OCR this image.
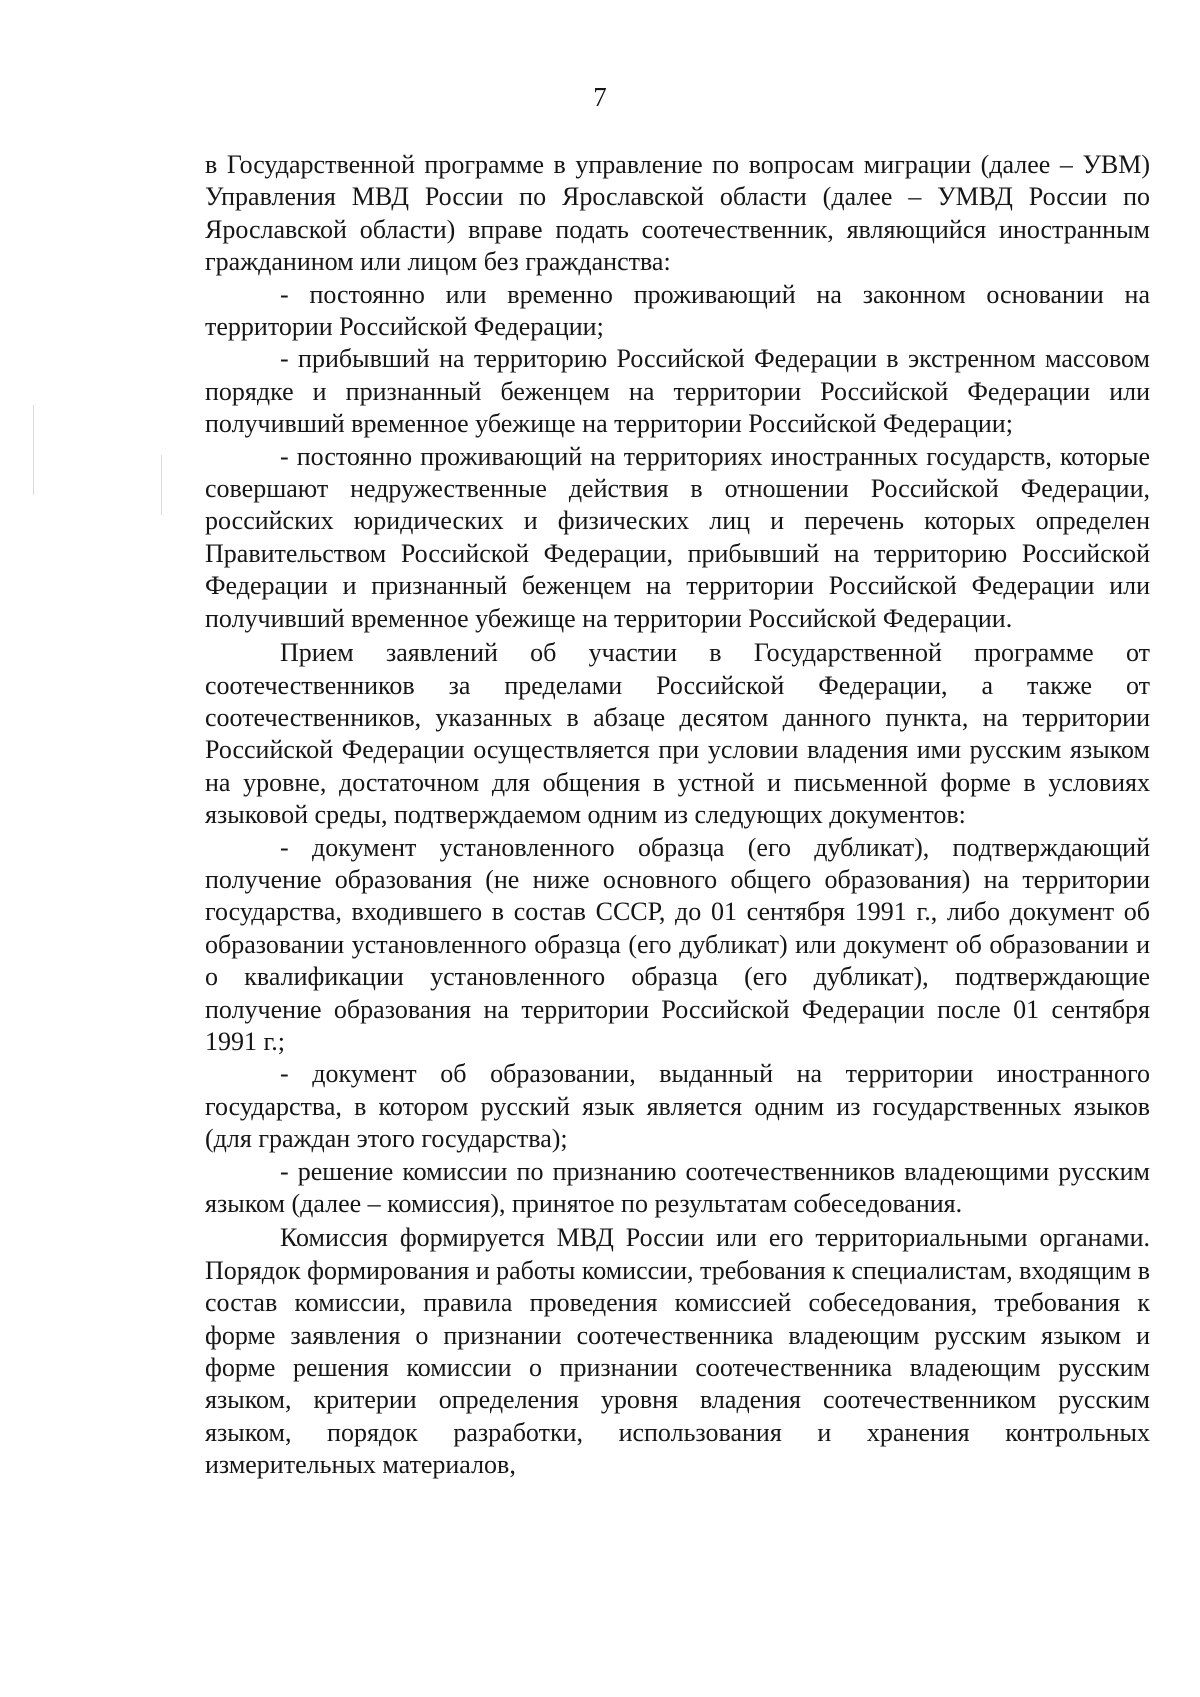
7

в Государственной программе в управление по вопросам миграции (далее – УВМ) Управления МВД России по Ярославской области (далее – УМВД России по Ярославской области) вправе подать соотечественник, являющийся иностранным гражданином или лицом без гражданства:

- постоянно или временно проживающий на законном основании на территории Российской Федерации;

- прибывший на территорию Российской Федерации в экстренном массовом порядке и признанный беженцем на территории Российской Федерации или получивший временное убежище на территории Российской Федерации;

- постоянно проживающий на территориях иностранных государств, которые совершают недружественные действия в отношении Российской Федерации, российских юридических и физических лиц и перечень которых определен Правительством Российской Федерации, прибывший на территорию Российской Федерации и признанный беженцем на территории Российской Федерации или получивший временное убежище на территории Российской Федерации.

Прием заявлений об участии в Государственной программе от соотечественников за пределами Российской Федерации, а также от соотечественников, указанных в абзаце десятом данного пункта, на территории Российской Федерации осуществляется при условии владения ими русским языком на уровне, достаточном для общения в устной и письменной форме в условиях языковой среды, подтверждаемом одним из следующих документов:

- документ установленного образца (его дубликат), подтверждающий получение образования (не ниже основного общего образования) на территории государства, входившего в состав СССР, до 01 сентября 1991 г., либо документ об образовании установленного образца (его дубликат) или документ об образовании и о квалификации установленного образца (его дубликат), подтверждающие получение образования на территории Российской Федерации после 01 сентября 1991 г.;

- документ об образовании, выданный на территории иностранного государства, в котором русский язык является одним из государственных языков (для граждан этого государства);

- решение комиссии по признанию соотечественников владеющими русским языком (далее – комиссия), принятое по результатам собеседования.

Комиссия формируется МВД России или его территориальными органами. Порядок формирования и работы комиссии, требования к специалистам, входящим в состав комиссии, правила проведения комиссией собеседования, требования к форме заявления о признании соотечественника владеющим русским языком и форме решения комиссии о признании соотечественника владеющим русским языком, критерии определения уровня владения соотечественником русским языком, порядок разработки, использования и хранения контрольных измерительных материалов,
